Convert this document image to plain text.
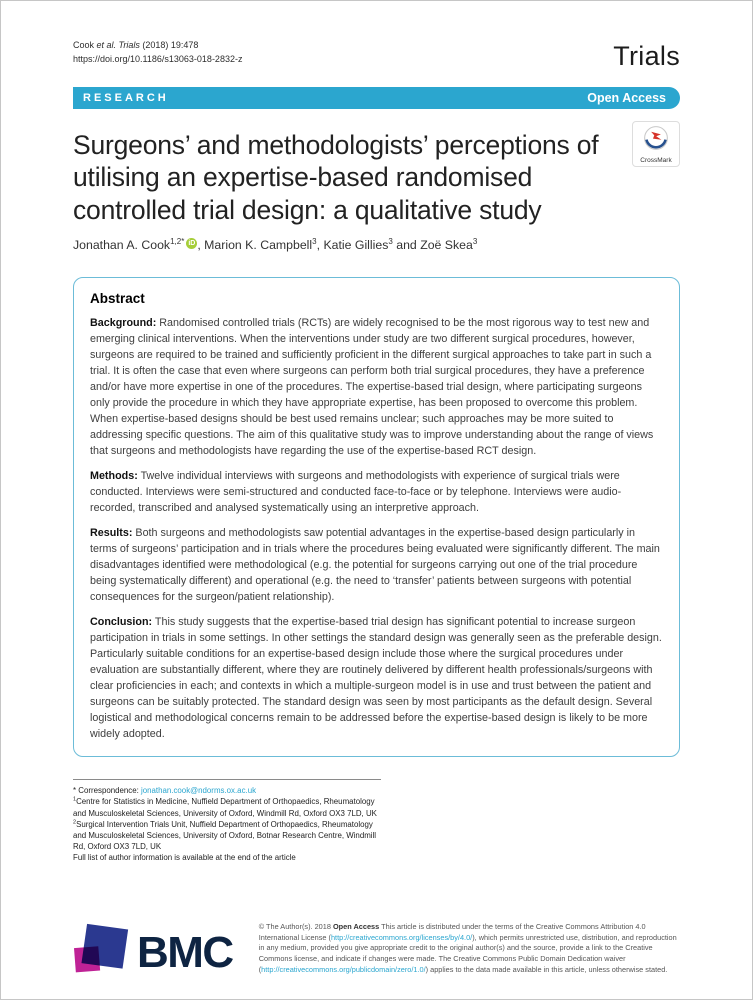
Cook et al. Trials (2018) 19:478
https://doi.org/10.1186/s13063-018-2832-z	Trials
RESEARCH	Open Access
CrossMark
Surgeons’ and methodologists’ perceptions of utilising an expertise-based randomised controlled trial design: a qualitative study
Jonathan A. Cook$^{1,2*}$ iD , Marion K. Campbell$^3$, Katie Gillies$^3$ and Zoë Skea$^3$
Abstract

Background: Randomised controlled trials (RCTs) are widely recognised to be the most rigorous way to test new and emerging clinical interventions. When the interventions under study are two different surgical procedures, however, surgeons are required to be trained and sufficiently proficient in the different surgical approaches to take part in such a trial. It is often the case that even where surgeons can perform both trial surgical procedures, they have a preference and/or have more expertise in one of the procedures. The expertise-based trial design, where participating surgeons only provide the procedure in which they have appropriate expertise, has been proposed to overcome this problem. When expertise-based designs should be best used remains unclear; such approaches may be more suited to addressing specific questions. The aim of this qualitative study was to improve understanding about the range of views that surgeons and methodologists have regarding the use of the expertise-based RCT design.

Methods: Twelve individual interviews with surgeons and methodologists with experience of surgical trials were conducted. Interviews were semi-structured and conducted face-to-face or by telephone. Interviews were audio-recorded, transcribed and analysed systematically using an interpretive approach.

Results: Both surgeons and methodologists saw potential advantages in the expertise-based design particularly in terms of surgeons’ participation and in trials where the procedures being evaluated were significantly different. The main disadvantages identified were methodological (e.g. the potential for surgeons carrying out one of the trial procedure being systematically different) and operational (e.g. the need to ‘transfer’ patients between surgeons with potential consequences for the surgeon/patient relationship).

Conclusion: This study suggests that the expertise-based trial design has significant potential to increase surgeon participation in trials in some settings. In other settings the standard design was generally seen as the preferable design. Particularly suitable conditions for an expertise-based design include those where the surgical procedures under evaluation are substantially different, where they are routinely delivered by different health professionals/surgeons with clear proficiencies in each; and contexts in which a multiple-surgeon model is in use and trust between the patient and surgeons can be suitably protected. The standard design was seen by most participants as the default design. Several logistical and methodological concerns remain to be addressed before the expertise-based design is likely to be more widely adopted.

* Correspondence: jonathan.cook@ndorms.ox.ac.uk
$^1$Centre for Statistics in Medicine, Nuffield Department of Orthopaedics, Rheumatology and Musculoskeletal Sciences, University of Oxford, Windmill Rd, Oxford OX3 7LD, UK
$^2$Surgical Intervention Trials Unit, Nuffield Department of Orthopaedics, Rheumatology and Musculoskeletal Sciences, University of Oxford, Botnar Research Centre, Windmill Rd, Oxford OX3 7LD, UK
Full list of author information is available at the end of the article
BMC
© The Author(s). 2018 Open Access This article is distributed under the terms of the Creative Commons Attribution 4.0 International License (http://creativecommons.org/licenses/by/4.0/), which permits unrestricted use, distribution, and reproduction in any medium, provided you give appropriate credit to the original author(s) and the source, provide a link to the Creative Commons license, and indicate if changes were made. The Creative Commons Public Domain Dedication waiver (http://creativecommons.org/publicdomain/zero/1.0/) applies to the data made available in this article, unless otherwise stated.
